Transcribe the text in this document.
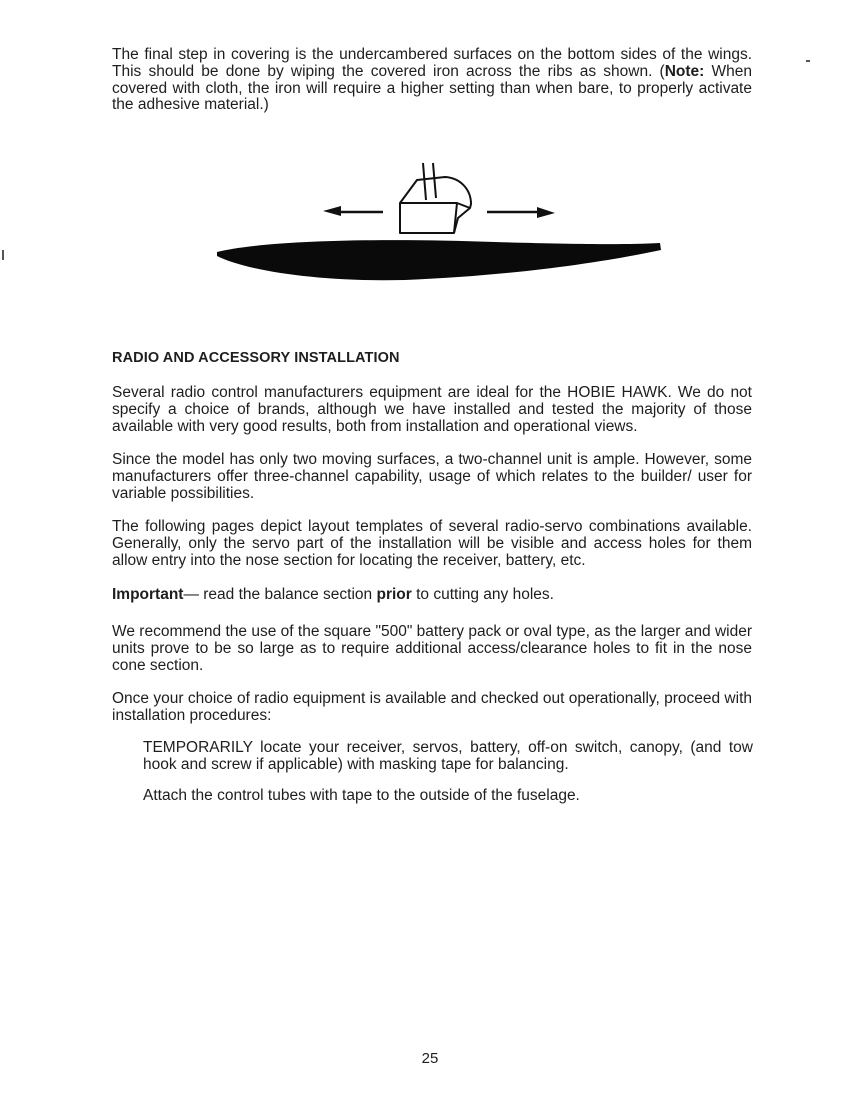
The final step in covering is the undercambered surfaces on the bottom sides of the wings. This should be done by wiping the covered iron across the ribs as shown. (Note: When covered with cloth, the iron will require a higher setting than when bare, to properly activate the adhesive material.)
RADIO AND ACCESSORY INSTALLATION
Several radio control manufacturers equipment are ideal for the HOBIE HAWK. We do not specify a choice of brands, although we have installed and tested the majority of those available with very good results, both from installation and operational views.
Since the model has only two moving surfaces, a two-channel unit is ample. However, some manufacturers offer three-channel capability, usage of which relates to the builder/ user for variable possibilities.
The following pages depict layout templates of several radio-servo combinations available. Generally, only the servo part of the installation will be visible and access holes for them allow entry into the nose section for locating the receiver, battery, etc.
Important— read the balance section prior to cutting any holes.
We recommend the use of the square "500" battery pack or oval type, as the larger and wider units prove to be so large as to require additional access/clearance holes to fit in the nose cone section.
Once your choice of radio equipment is available and checked out operationally, proceed with installation procedures:
TEMPORARILY locate your receiver, servos, battery, off-on switch, canopy, (and tow hook and screw if applicable) with masking tape for balancing.
Attach the control tubes with tape to the outside of the fuselage.
25
